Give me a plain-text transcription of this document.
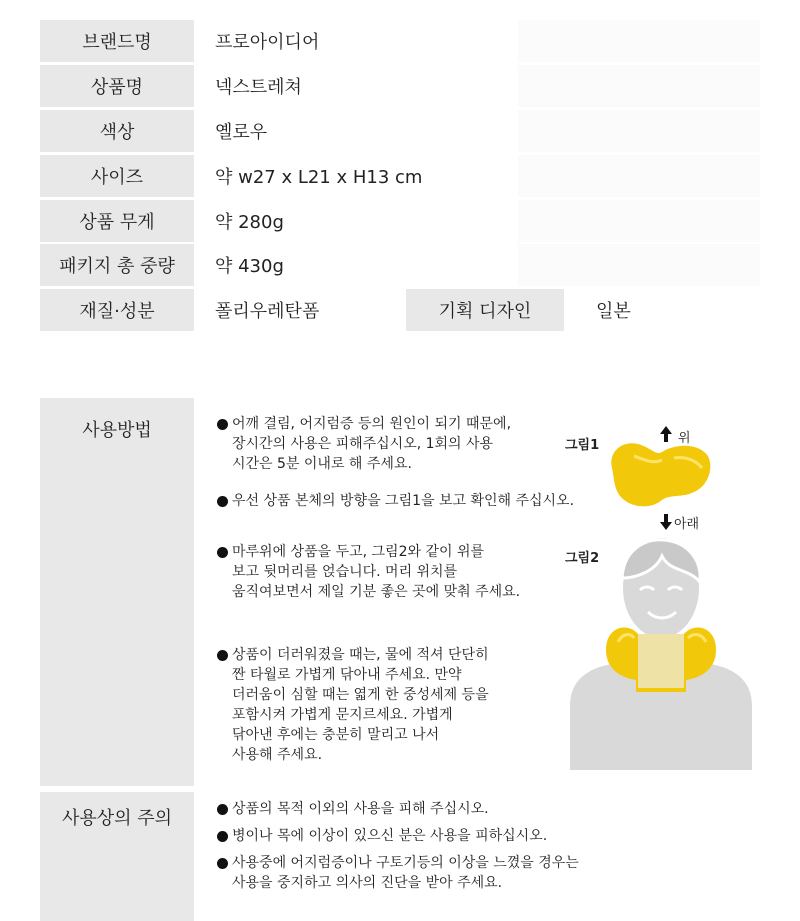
브랜드명	프로아이디어
상품명	넥스트레쳐
색상	옐로우
사이즈	약 w27 x L21 x H13 cm
상품 무게	약 280g
패키지 총 중량	약 430g
재질·성분	폴리우레탄폼	기획 디자인	일본
사용방법	어깨 결림, 어지럼증 등의 원인이 되기 때문에,
장시간의 사용은 피해주십시오, 1회의 사용
시간은 5분 이내로 해 주세요.
우선 상품 본체의 방향을 그림1을 보고 확인해 주십시오.
마루위에 상품을 두고, 그림2와 같이 위를
보고 뒷머리를 얹습니다. 머리 위치를
움직여보면서 제일 기분 좋은 곳에 맞춰 주세요.
상품이 더러워졌을 때는, 물에 적셔 단단히
짠 타월로 가볍게 닦아내 주세요. 만약
더러움이 심할 때는 엷게 한 중성세제 등을
포함시켜 가볍게 문지르세요. 가볍게
닦아낸 후에는 충분히 말리고 나서
사용해 주세요.
그림1	위
아래
그림2
사용상의 주의	상품의 목적 이외의 사용을 피해 주십시오.
병이나 목에 이상이 있으신 분은 사용을 피하십시오.
사용중에 어지럼증이나 구토기등의 이상을 느꼈을 경우는
사용을 중지하고 의사의 진단을 받아 주세요.
